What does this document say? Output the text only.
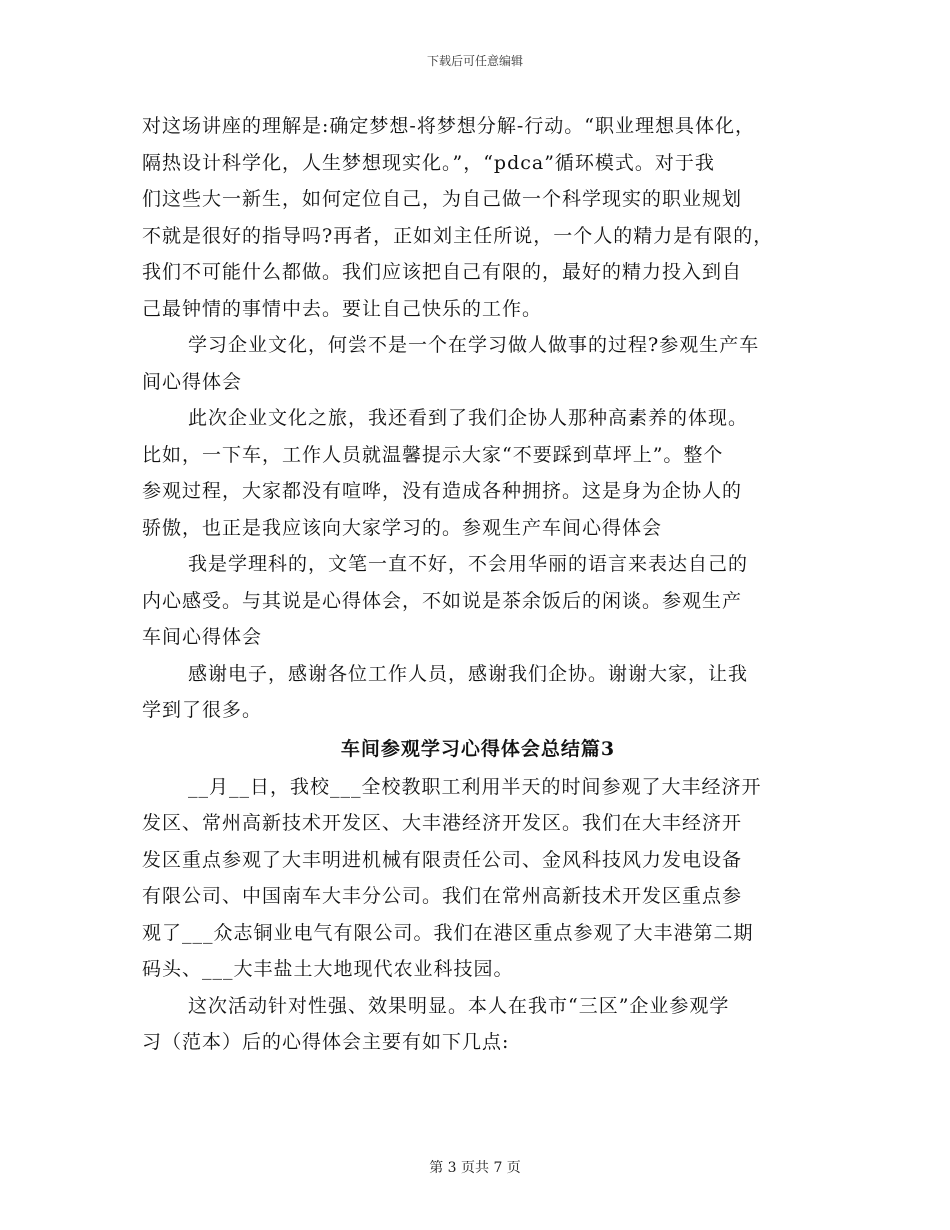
下载后可任意编辑
对这场讲座的理解是:确定梦想-将梦想分解-行动。“职业理想具体化，
隔热设计科学化，人生梦想现实化。”，“pdca”循环模式。对于我
们这些大一新生，如何定位自己，为自己做一个科学现实的职业规划
不就是很好的指导吗?再者，正如刘主任所说，一个人的精力是有限的，
我们不可能什么都做。我们应该把自己有限的，最好的精力投入到自
己最钟情的事情中去。要让自己快乐的工作。
学习企业文化，何尝不是一个在学习做人做事的过程?参观生产车
间心得体会
此次企业文化之旅，我还看到了我们企协人那种高素养的体现。
比如，一下车，工作人员就温馨提示大家“不要踩到草坪上”。整个
参观过程，大家都没有喧哗，没有造成各种拥挤。这是身为企协人的
骄傲，也正是我应该向大家学习的。参观生产车间心得体会
我是学理科的，文笔一直不好，不会用华丽的语言来表达自己的
内心感受。与其说是心得体会，不如说是茶余饭后的闲谈。参观生产
车间心得体会
感谢电子，感谢各位工作人员，感谢我们企协。谢谢大家，让我
学到了很多。
车间参观学习心得体会总结篇3
__月__日，我校___全校教职工利用半天的时间参观了大丰经济开
发区、常州高新技术开发区、大丰港经济开发区。我们在大丰经济开
发区重点参观了大丰明进机械有限责任公司、金风科技风力发电设备
有限公司、中国南车大丰分公司。我们在常州高新技术开发区重点参
观了___众志铜业电气有限公司。我们在港区重点参观了大丰港第二期
码头、___大丰盐土大地现代农业科技园。
这次活动针对性强、效果明显。本人在我市“三区”企业参观学
习（范本）后的心得体会主要有如下几点:
第 3 页共 7 页
